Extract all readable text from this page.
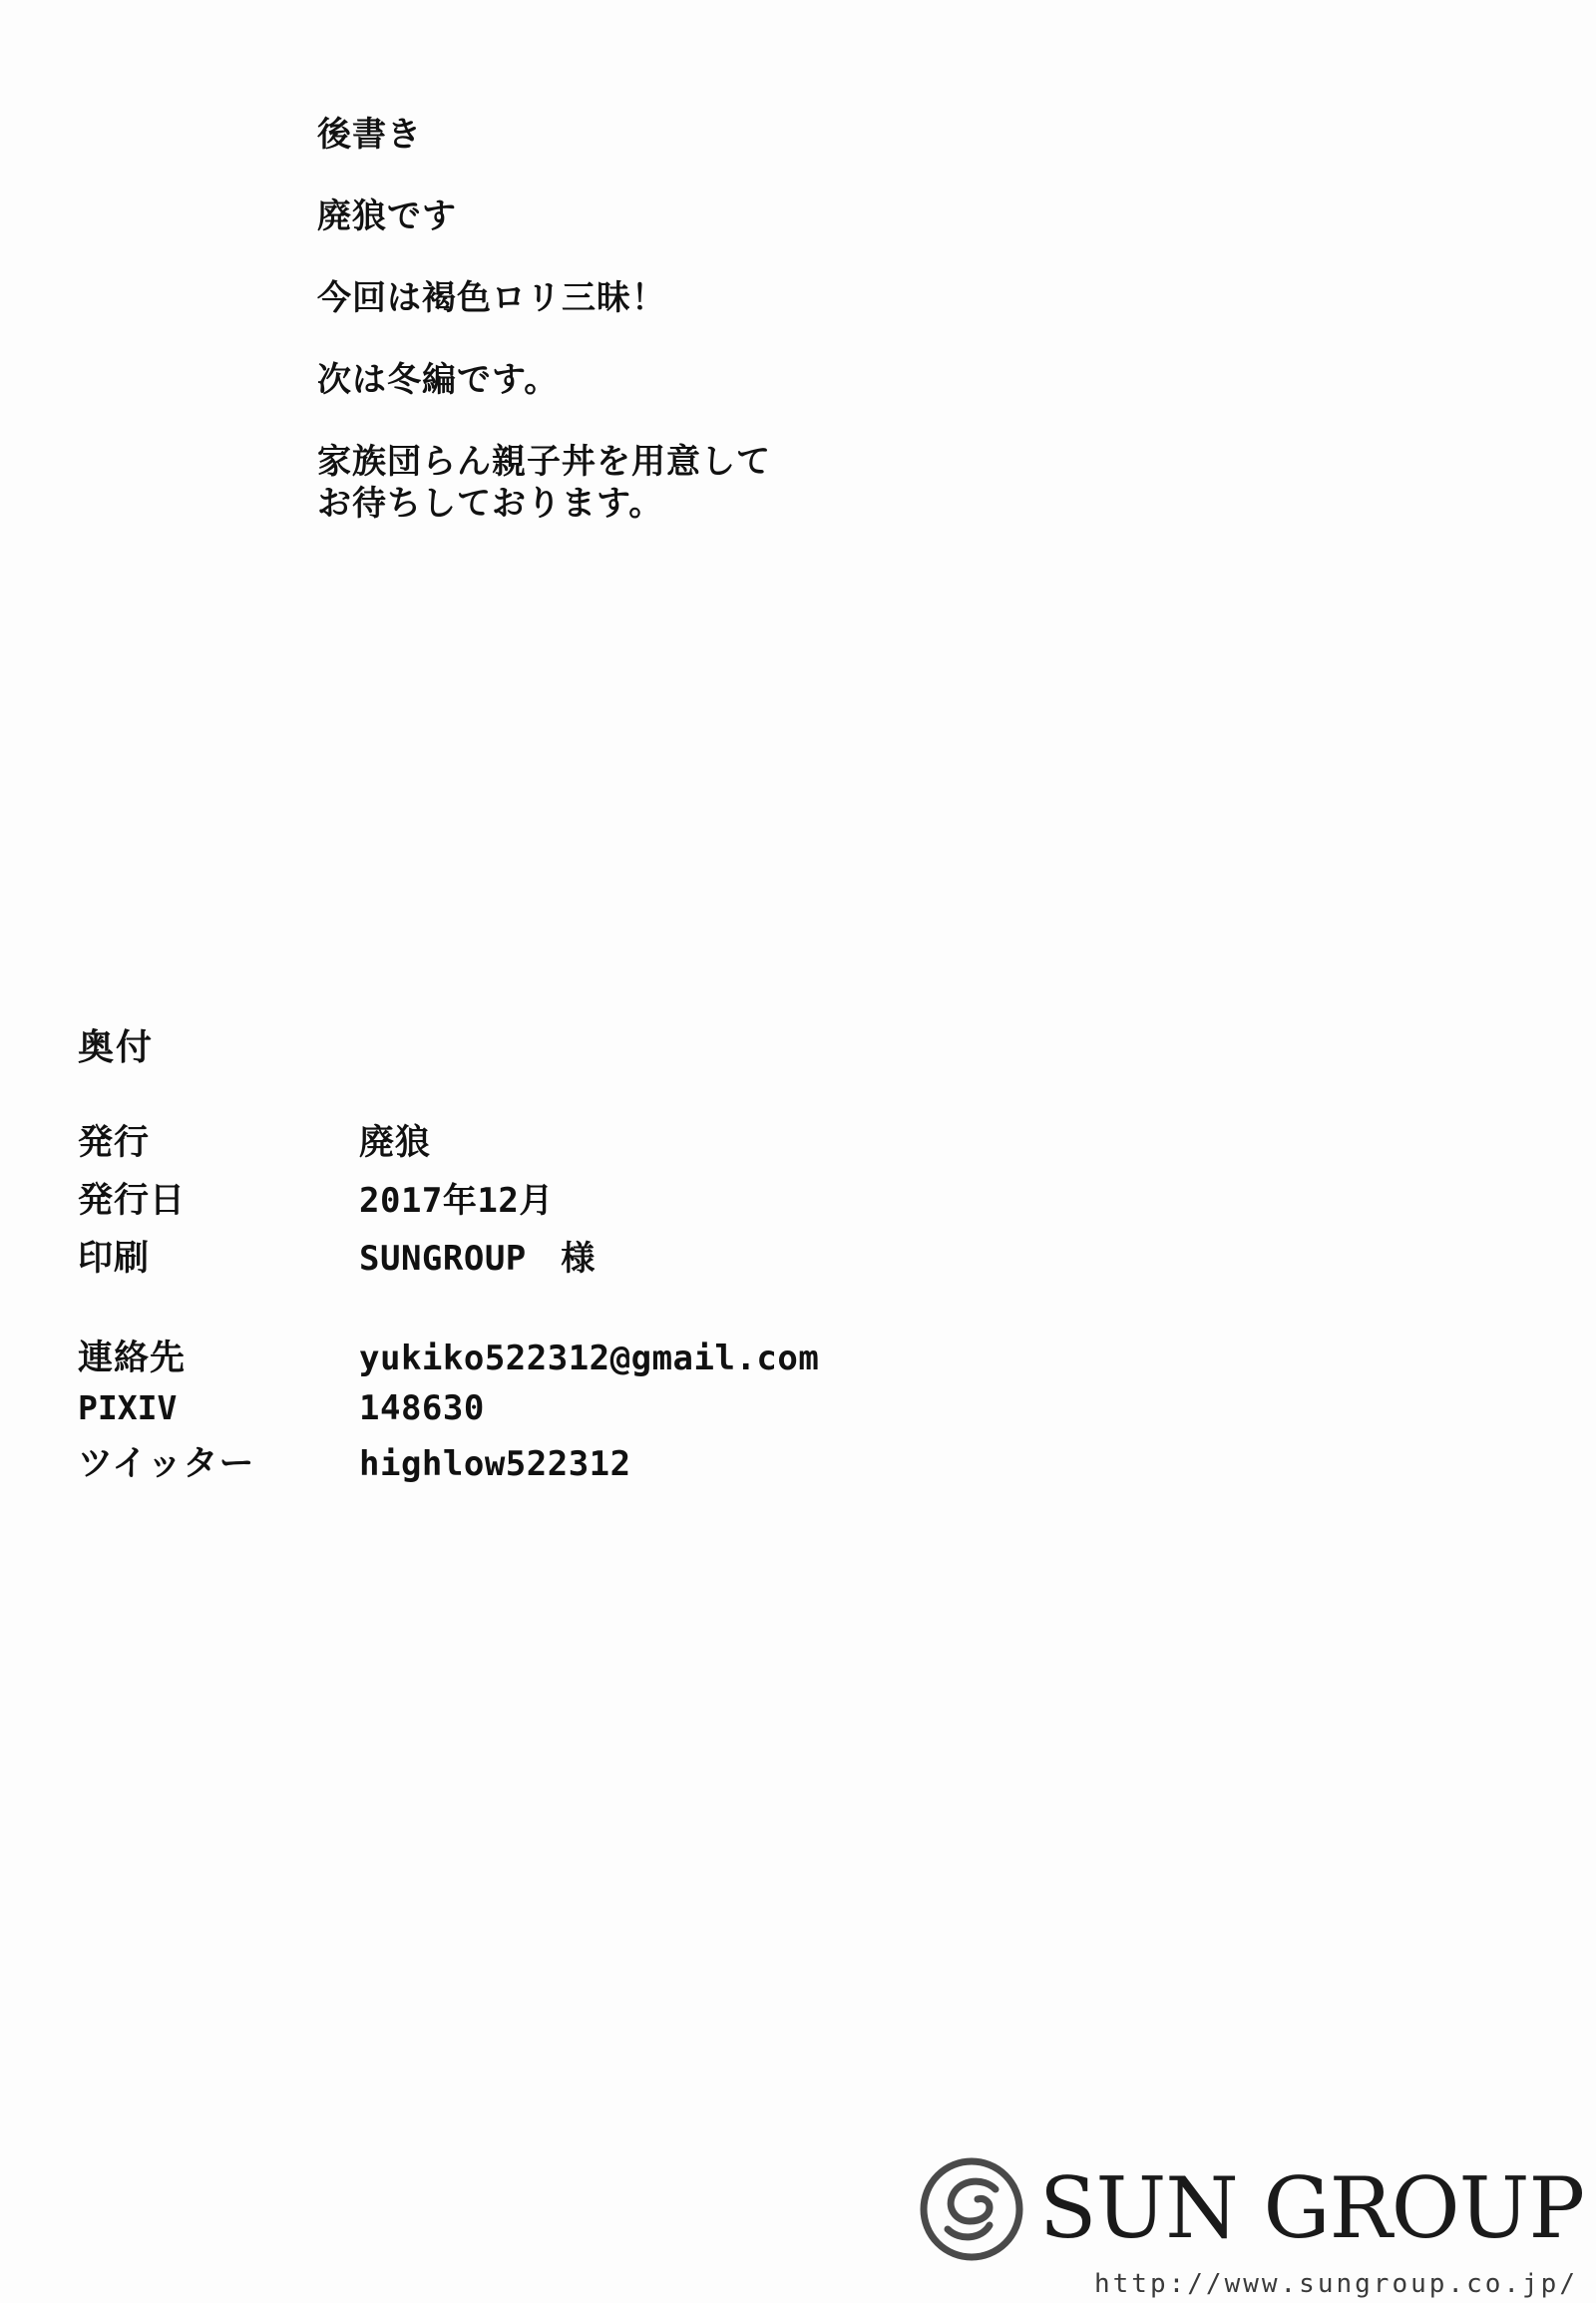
後書き
廃狼です
今回は褐色ロリ三昧！
次は冬編です。
家族団らん親子丼を用意して
お待ちしております。
奥付
発行	廃狼
発行日	2017年12月
印刷	SUNGROUP　様
連絡先	yukiko522312@gmail.com
PIXIV	148630
ツイッター	highlow522312
SUN GROUP
http://www.sungroup.co.jp/
